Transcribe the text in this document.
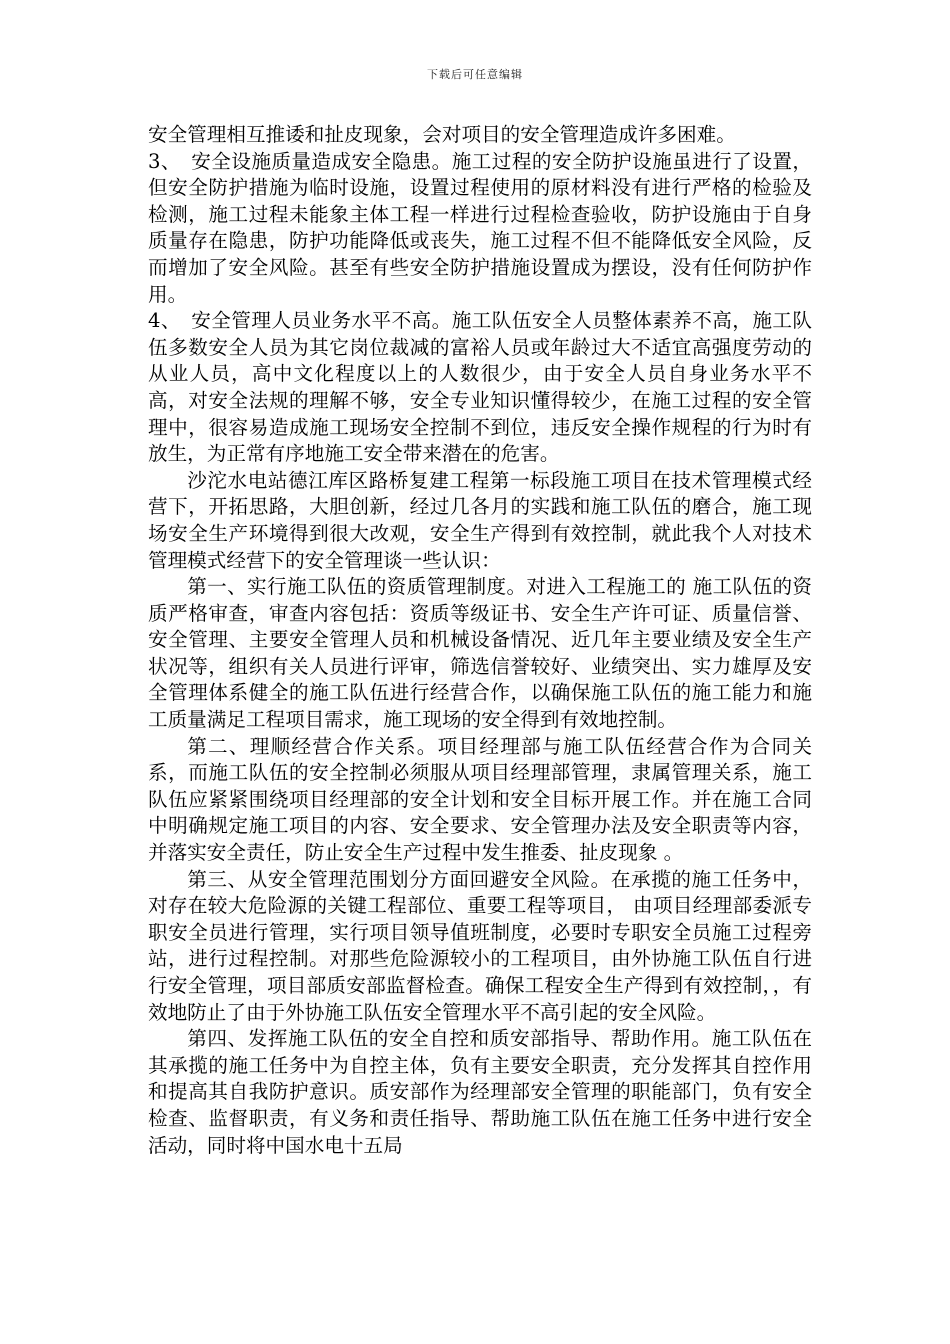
下载后可任意编辑

安全管理相互推诿和扯皮现象，会对项目的安全管理造成许多困难。

3、　安全设施质量造成安全隐患。施工过程的安全防护设施虽进行了设置，但安全防护措施为临时设施，设置过程使用的原材料没有进行严格的检验及检测，施工过程未能象主体工程一样进行过程检查验收，防护设施由于自身质量存在隐患，防护功能降低或丧失，施工过程不但不能降低安全风险，反而增加了安全风险。甚至有些安全防护措施设置成为摆设，没有任何防护作用。

4、　安全管理人员业务水平不高。施工队伍安全人员整体素养不高，施工队伍多数安全人员为其它岗位裁减的富裕人员或年龄过大不适宜高强度劳动的从业人员，高中文化程度以上的人数很少，由于安全人员自身业务水平不高，对安全法规的理解不够，安全专业知识懂得较少，在施工过程的安全管理中，很容易造成施工现场安全控制不到位，违反安全操作规程的行为时有放生，为正常有序地施工安全带来潜在的危害。

沙沱水电站德江库区路桥复建工程第一标段施工项目在技术管理模式经营下，开拓思路，大胆创新，经过几各月的实践和施工队伍的磨合，施工现场安全生产环境得到很大改观，安全生产得到有效控制，就此我个人对技术管理模式经营下的安全管理谈一些认识：

第一、实行施工队伍的资质管理制度。对进入工程施工的 施工队伍的资质严格审查，审查内容包括：资质等级证书、安全生产许可证、质量信誉、安全管理、主要安全管理人员和机械设备情况、近几年主要业绩及安全生产状况等，组织有关人员进行评审，筛选信誉较好、业绩突出、实力雄厚及安全管理体系健全的施工队伍进行经营合作，以确保施工队伍的施工能力和施工质量满足工程项目需求，施工现场的安全得到有效地控制。

第二、理顺经营合作关系。项目经理部与施工队伍经营合作为合同关系，而施工队伍的安全控制必须服从项目经理部管理，隶属管理关系，施工队伍应紧紧围绕项目经理部的安全计划和安全目标开展工作。并在施工合同中明确规定施工项目的内容、安全要求、安全管理办法及安全职责等内容，并落实安全责任，防止安全生产过程中发生推委、扯皮现象 。

第三、从安全管理范围划分方面回避安全风险。在承揽的施工任务中，对存在较大危险源的关键工程部位、重要工程等项目， 由项目经理部委派专职安全员进行管理，实行项目领导值班制度，必要时专职安全员施工过程旁站，进行过程控制。对那些危险源较小的工程项目，由外协施工队伍自行进行安全管理，项目部质安部监督检查。确保工程安全生产得到有效控制，，有效地防止了由于外协施工队伍安全管理水平不高引起的安全风险。

第四、发挥施工队伍的安全自控和质安部指导、帮助作用。施工队伍在其承揽的施工任务中为自控主体，负有主要安全职责，充分发挥其自控作用和提高其自我防护意识。质安部作为经理部安全管理的职能部门，负有安全检查、监督职责，有义务和责任指导、帮助施工队伍在施工任务中进行安全活动，同时将中国水电十五局
